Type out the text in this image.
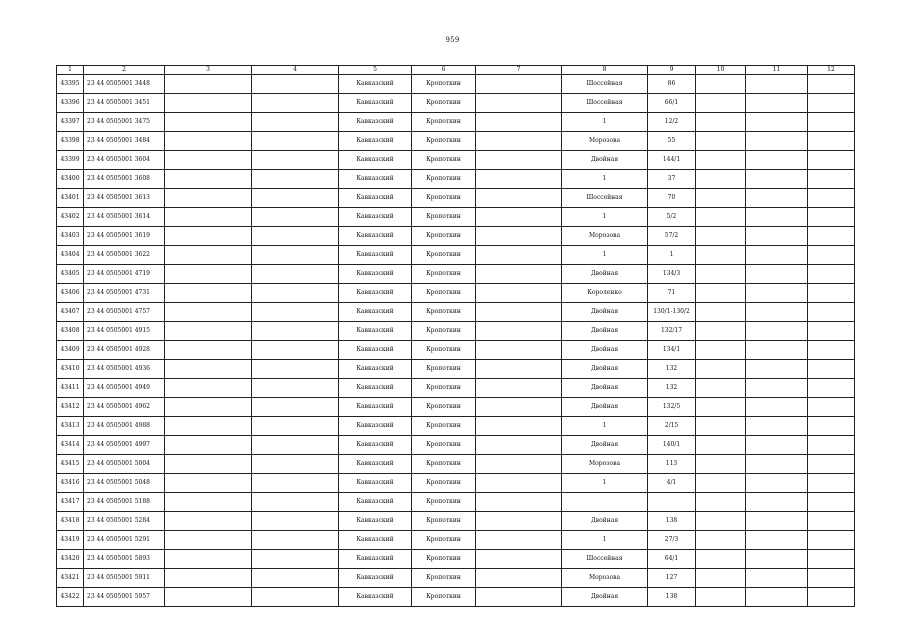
959
1	2	3	4	5	6	7	8	9	10	11	12
43395	23 44 0505001 3448			Кавказский	Кропоткин		Шоссейная	86			
43396	23 44 0505001 3451			Кавказский	Кропоткин		Шоссейная	66/1			
43397	23 44 0505001 3475			Кавказский	Кропоткин		1	12/2			
43398	23 44 0505001 3484			Кавказский	Кропоткин		Морозова	55			
43399	23 44 0505001 3604			Кавказский	Кропоткин		Двойная	144/1			
43400	23 44 0505001 3608			Кавказский	Кропоткин		1	37			
43401	23 44 0505001 3613			Кавказский	Кропоткин		Шоссейная	70			
43402	23 44 0505001 3614			Кавказский	Кропоткин		1	5/2			
43403	23 44 0505001 3619			Кавказский	Кропоткин		Морозова	57/2			
43404	23 44 0505001 3622			Кавказский	Кропоткин		1	1			
43405	23 44 0505001 4719			Кавказский	Кропоткин		Двойная	134/3			
43406	23 44 0505001 4731			Кавказский	Кропоткин		Короленко	71			
43407	23 44 0505001 4757			Кавказский	Кропоткин		Двойная	130/1-130/2			
43408	23 44 0505001 4915			Кавказский	Кропоткин		Двойная	132/17			
43409	23 44 0505001 4928			Кавказский	Кропоткин		Двойная	134/1			
43410	23 44 0505001 4936			Кавказский	Кропоткин		Двойная	132			
43411	23 44 0505001 4949			Кавказский	Кропоткин		Двойная	132			
43412	23 44 0505001 4962			Кавказский	Кропоткин		Двойная	132/5			
43413	23 44 0505001 4988			Кавказский	Кропоткин		1	2/15			
43414	23 44 0505001 4997			Кавказский	Кропоткин		Двойная	140/1			
43415	23 44 0505001 5004			Кавказский	Кропоткин		Морозова	113			
43416	23 44 0505001 5048			Кавказский	Кропоткин		1	4/1			
43417	23 44 0505001 5188			Кавказский	Кропоткин						
43418	23 44 0505001 5284			Кавказский	Кропоткин		Двойная	138			
43419	23 44 0505001 5291			Кавказский	Кропоткин		1	27/3			
43420	23 44 0505001 5893			Кавказский	Кропоткин		Шоссейная	64/1			
43421	23 44 0505001 5911			Кавказский	Кропоткин		Морозова	127			
43422	23 44 0505001 5957			Кавказский	Кропоткин		Двойная	138			
